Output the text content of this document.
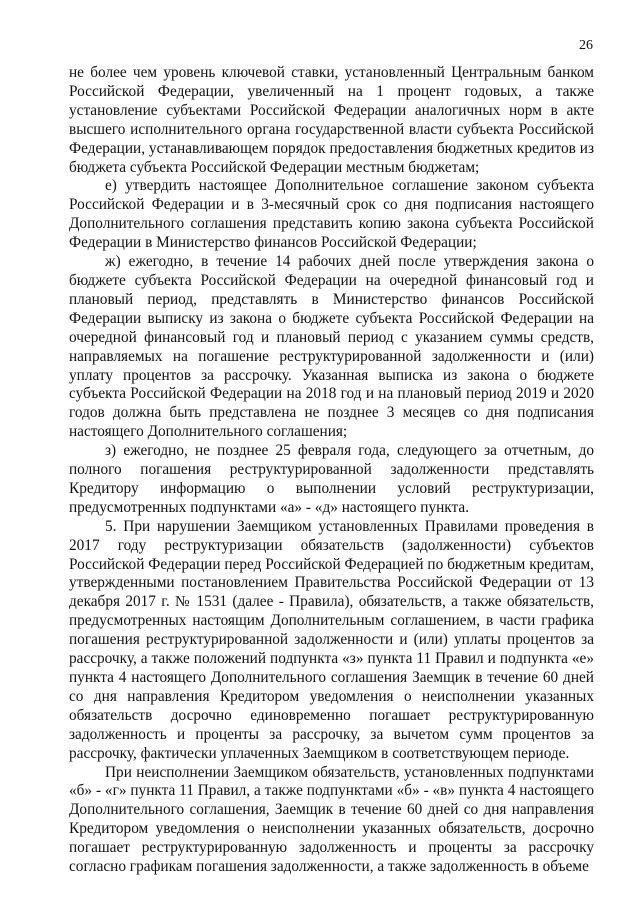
26

не более чем уровень ключевой ставки, установленный Центральным банком Российской Федерации, увеличенный на 1 процент годовых, а также установление субъектами Российской Федерации аналогичных норм в акте высшего исполнительного органа государственной власти субъекта Российской Федерации, устанавливающем порядок предоставления бюджетных кредитов из бюджета субъекта Российской Федерации местным бюджетам;

е) утвердить настоящее Дополнительное соглашение законом субъекта Российской Федерации и в 3-месячный срок со дня подписания настоящего Дополнительного соглашения представить копию закона субъекта Российской Федерации в Министерство финансов Российской Федерации;

ж) ежегодно, в течение 14 рабочих дней после утверждения закона о бюджете субъекта Российской Федерации на очередной финансовый год и плановый период, представлять в Министерство финансов Российской Федерации выписку из закона о бюджете субъекта Российской Федерации на очередной финансовый год и плановый период с указанием суммы средств, направляемых на погашение реструктурированной задолженности и (или) уплату процентов за рассрочку. Указанная выписка из закона о бюджете субъекта Российской Федерации на 2018 год и на плановый период 2019 и 2020 годов должна быть представлена не позднее 3 месяцев со дня подписания настоящего Дополнительного соглашения;

з) ежегодно, не позднее 25 февраля года, следующего за отчетным, до полного погашения реструктурированной задолженности представлять Кредитору информацию о выполнении условий реструктуризации, предусмотренных подпунктами «а» - «д» настоящего пункта.

5. При нарушении Заемщиком установленных Правилами проведения в 2017 году реструктуризации обязательств (задолженности) субъектов Российской Федерации перед Российской Федерацией по бюджетным кредитам, утвержденными постановлением Правительства Российской Федерации от 13 декабря 2017 г. № 1531 (далее - Правила), обязательств, а также обязательств, предусмотренных настоящим Дополнительным соглашением, в части графика погашения реструктурированной задолженности и (или) уплаты процентов за рассрочку, а также положений подпункта «з» пункта 11 Правил и подпункта «е» пункта 4 настоящего Дополнительного соглашения Заемщик в течение 60 дней со дня направления Кредитором уведомления о неисполнении указанных обязательств досрочно единовременно погашает реструктурированную задолженность и проценты за рассрочку, за вычетом сумм процентов за рассрочку, фактически уплаченных Заемщиком в соответствующем периоде.

При неисполнении Заемщиком обязательств, установленных подпунктами «б» - «г» пункта 11 Правил, а также подпунктами «б» - «в» пункта 4 настоящего Дополнительного соглашения, Заемщик в течение 60 дней со дня направления Кредитором уведомления о неисполнении указанных обязательств, досрочно погашает реструктурированную задолженность и проценты за рассрочку согласно графикам погашения задолженности, а также задолженность в объеме
